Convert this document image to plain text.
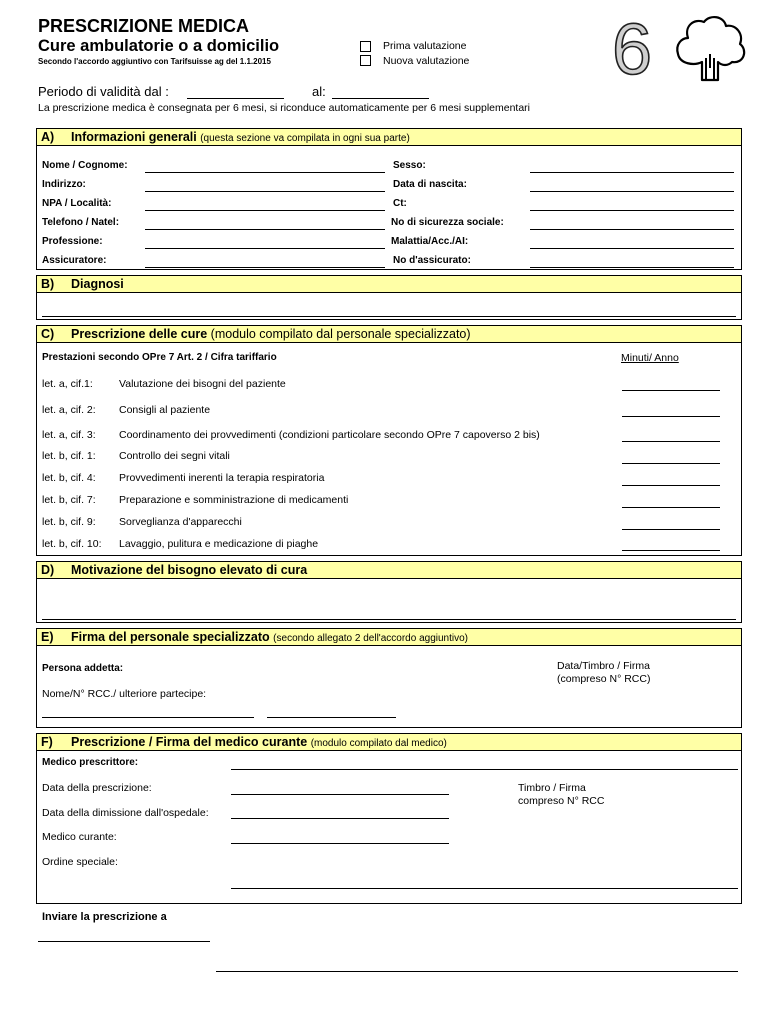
PRESCRIZIONE MEDICA
Cure ambulatorie o a domicilio
Secondo l'accordo aggiuntivo con Tarifsuisse ag del 1.1.2015
Prima valutazione
Nuova valutazione 6
Periodo di validità dal :	al:
La prescrizione medica è consegnata per 6 mesi, si riconduce automaticamente per 6 mesi supplementari
A) Informazioni generali (questa sezione va compilata in ogni sua parte)
Nome / Cognome:
Indirizzo:
NPA / Località:
Telefono / Natel:
Professione:
Assicuratore:
Sesso:
Data di nascita:
Ct:
No di sicurezza sociale:
Malattia/Acc./AI:
No d'assicurato:
B) Diagnosi
C) Prescrizione delle cure (modulo compilato dal personale specializzato)
Prestazioni secondo OPre 7 Art. 2 / Cifra tariffario	Minuti/ Anno
let. a, cif.1: Valutazione dei bisogni del paziente
let. a, cif. 2: Consigli al paziente
let. a, cif. 3: Coordinamento dei provvedimenti (condizioni particolare secondo OPre 7 capoverso 2 bis)
let. b, cif. 1: Controllo dei segni vitali
let. b, cif. 4: Provvedimenti inerenti la terapia respiratoria
let. b, cif. 7: Preparazione e somministrazione di medicamenti
let. b, cif. 9: Sorveglianza d'apparecchi
let. b, cif. 10: Lavaggio, pulitura e medicazione di piaghe
D) Motivazione del bisogno elevato di cura
E) Firma del personale specializzato (secondo allegato 2 dell'accordo aggiuntivo)
Persona addetta:
Nome/N° RCC./ ulteriore partecipe:
Data/Timbro / Firma
(compreso N° RCC)
F) Prescrizione / Firma del medico curante (modulo compilato dal medico)
Medico prescrittore:
Data della prescrizione:
Data della dimissione dall'ospedale:
Medico curante:
Ordine speciale:
Timbro / Firma
compreso N° RCC
Inviare la prescrizione a
